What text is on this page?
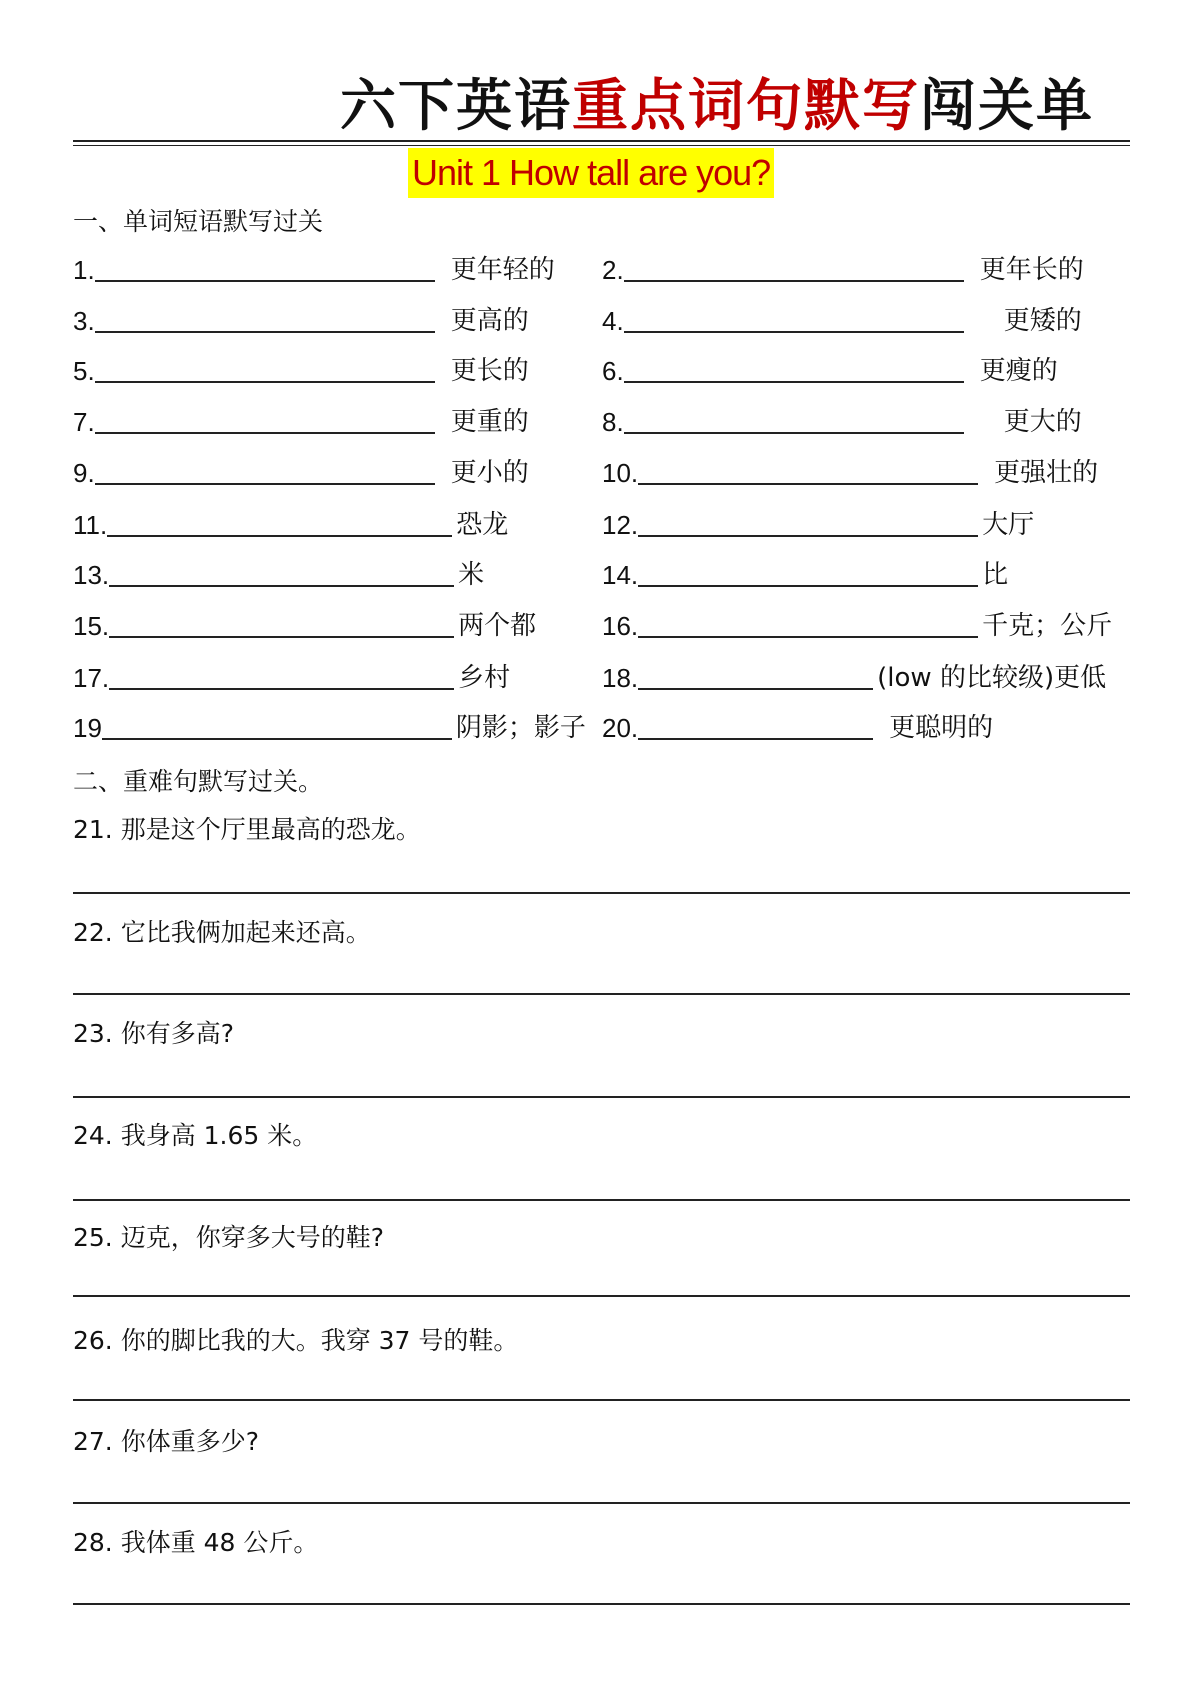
六下英语重点词句默写闯关单
Unit 1 How tall are you?
一、单词短语默写过关
1.	更年轻的 2.	更年长的
3.	更高的	4.	更矮的
5.	更长的	6.	更瘦的
7.	更重的	8.	更大的
9.	更小的	10.	更强壮的
11.	恐龙	12.	大厅
13.	米	14.	比
15.	两个都	16.	千克；公斤
17.	乡村	18.	(low 的比较级)更低
19	阴影；影子 20.	更聪明的
二、重难句默写过关。
21. 那是这个厅里最高的恐龙。
22. 它比我俩加起来还高。
23. 你有多高?
24. 我身高 1.65 米。
25. 迈克，你穿多大号的鞋?
26. 你的脚比我的大。我穿 37 号的鞋。
27. 你体重多少?
28. 我体重 48 公斤。
